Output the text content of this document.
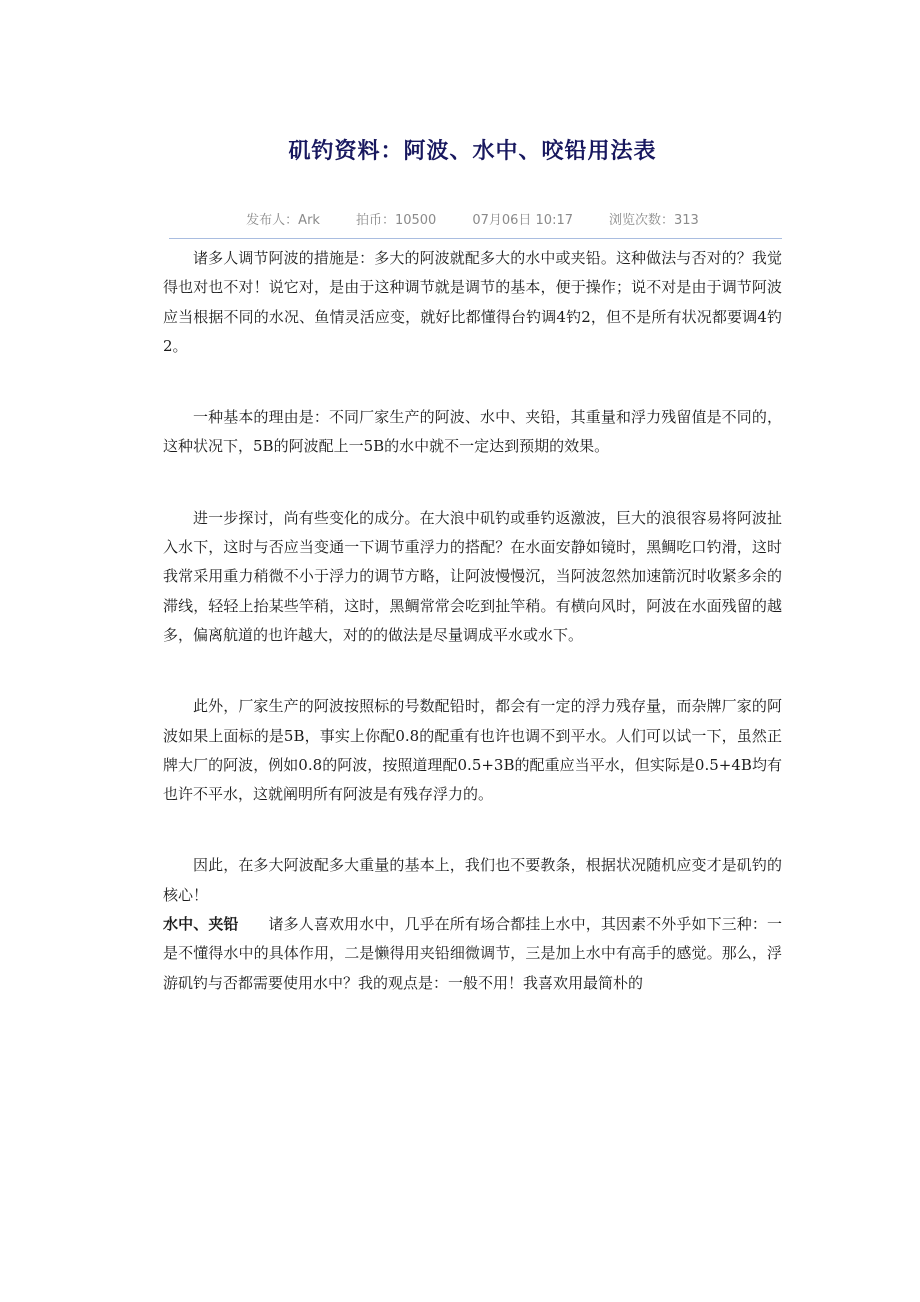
矶钓资料：阿波、水中、咬铅用法表
发布人：Ark	拍币：10500	07月06日 10:17	浏览次数：313

诸多人调节阿波的措施是：多大的阿波就配多大的水中或夹铅。这种做法与否对的？我觉得也对也不对！说它对，是由于这种调节就是调节的基本，便于操作；说不对是由于调节阿波应当根据不同的水况、鱼情灵活应变，就好比都懂得台钓调4钓2，但不是所有状况都要调4钓2。

一种基本的理由是：不同厂家生产的阿波、水中、夹铅，其重量和浮力残留值是不同的，这种状况下，5B的阿波配上一5B的水中就不一定达到预期的效果。

进一步探讨，尚有些变化的成分。在大浪中矶钓或垂钓返激波，巨大的浪很容易将阿波扯入水下，这时与否应当变通一下调节重浮力的搭配？在水面安静如镜时，黑鲷吃口钓滑，这时我常采用重力稍微不小于浮力的调节方略，让阿波慢慢沉，当阿波忽然加速箭沉时收紧多余的滞线，轻轻上抬某些竿稍，这时，黑鲷常常会吃到扯竿稍。有横向风时，阿波在水面残留的越多，偏离航道的也许越大，对的的做法是尽量调成平水或水下。

此外，厂家生产的阿波按照标的号数配铅时，都会有一定的浮力残存量，而杂牌厂家的阿波如果上面标的是5B，事实上你配0.8的配重有也许也调不到平水。人们可以试一下，虽然正牌大厂的阿波，例如0.8的阿波，按照道理配0.5+3B的配重应当平水，但实际是0.5+4B均有也许不平水，这就阐明所有阿波是有残存浮力的。

因此，在多大阿波配多大重量的基本上，我们也不要教条，根据状况随机应变才是矶钓的核心！

水中、夹铅 诸多人喜欢用水中，几乎在所有场合都挂上水中，其因素不外乎如下三种：一是不懂得水中的具体作用，二是懒得用夹铅细微调节，三是加上水中有高手的感觉。那么，浮游矶钓与否都需要使用水中？我的观点是：一般不用！我喜欢用最简朴的
